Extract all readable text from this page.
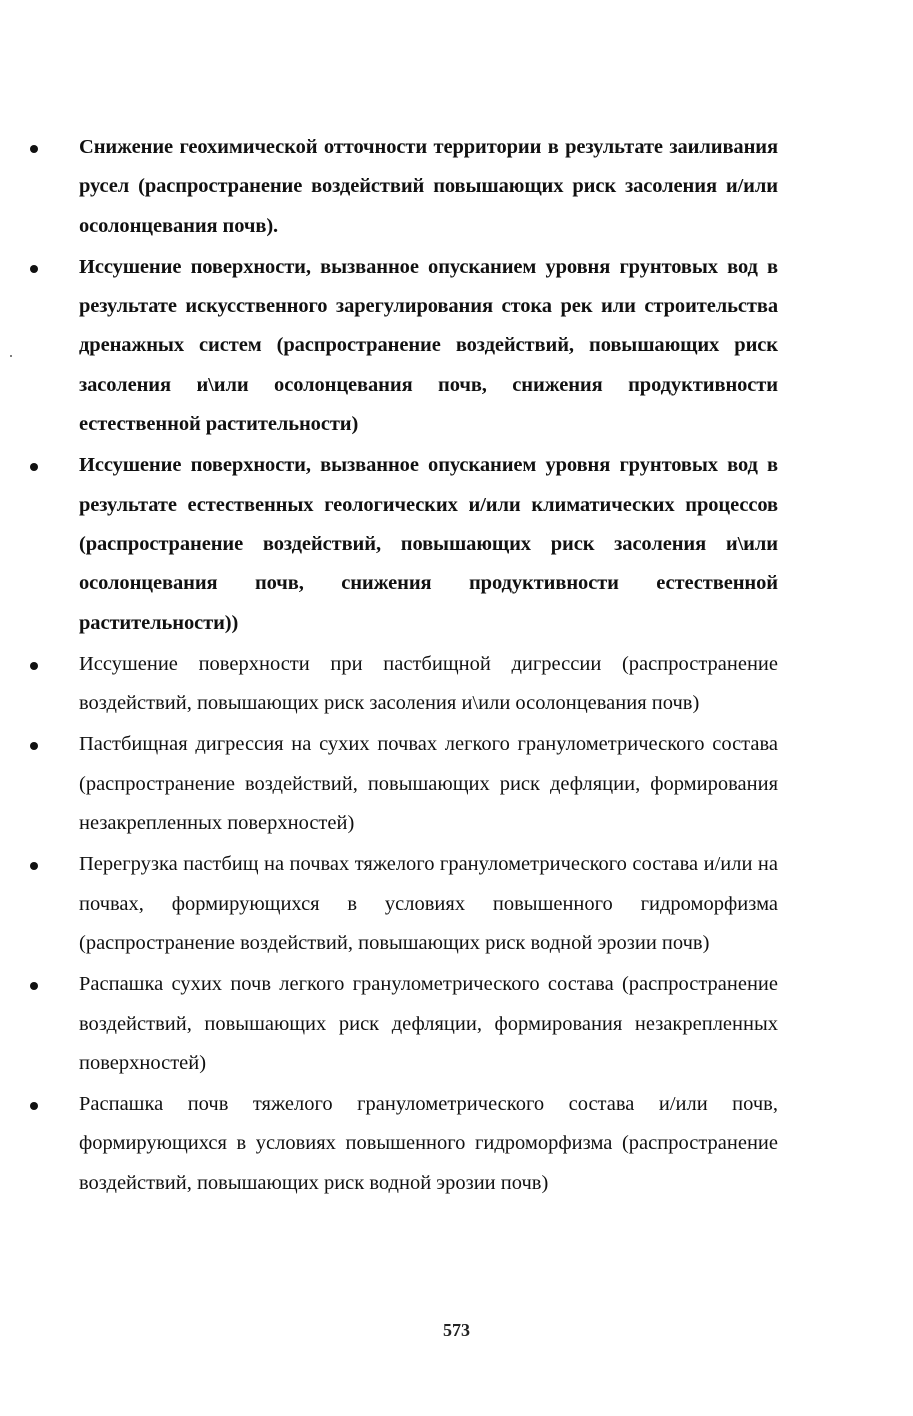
Снижение геохимической отточности территории в результате заиливания русел (распространение воздействий повышающих риск засоления и/или осолонцевания почв).
Иссушение поверхности, вызванное опусканием уровня грунтовых вод в результате искусственного зарегулирования стока рек или строительства дренажных систем (распространение воздействий, повышающих риск засоления и\или осолонцевания почв, снижения продуктивности естественной растительности)
Иссушение поверхности, вызванное опусканием уровня грунтовых вод в результате естественных геологических и/или климатических процессов (распространение воздействий, повышающих риск засоления и\или осолонцевания почв, снижения продуктивности естественной растительности))
Иссушение поверхности при пастбищной дигрессии (распространение воздействий, повышающих риск засоления и\или осолонцевания почв)
Пастбищная дигрессия на сухих почвах легкого гранулометрического состава (распространение воздействий, повышающих риск дефляции, формирования незакрепленных поверхностей)
Перегрузка пастбищ на почвах тяжелого гранулометрического состава и/или на почвах, формирующихся в условиях повышенного гидроморфизма (распространение воздействий, повышающих риск водной эрозии почв)
Распашка сухих почв легкого гранулометрического состава (распространение воздействий, повышающих риск дефляции, формирования незакрепленных поверхностей)
Распашка почв тяжелого гранулометрического состава и/или почв, формирующихся в условиях повышенного гидроморфизма (распространение воздействий, повышающих риск водной эрозии почв)
573
